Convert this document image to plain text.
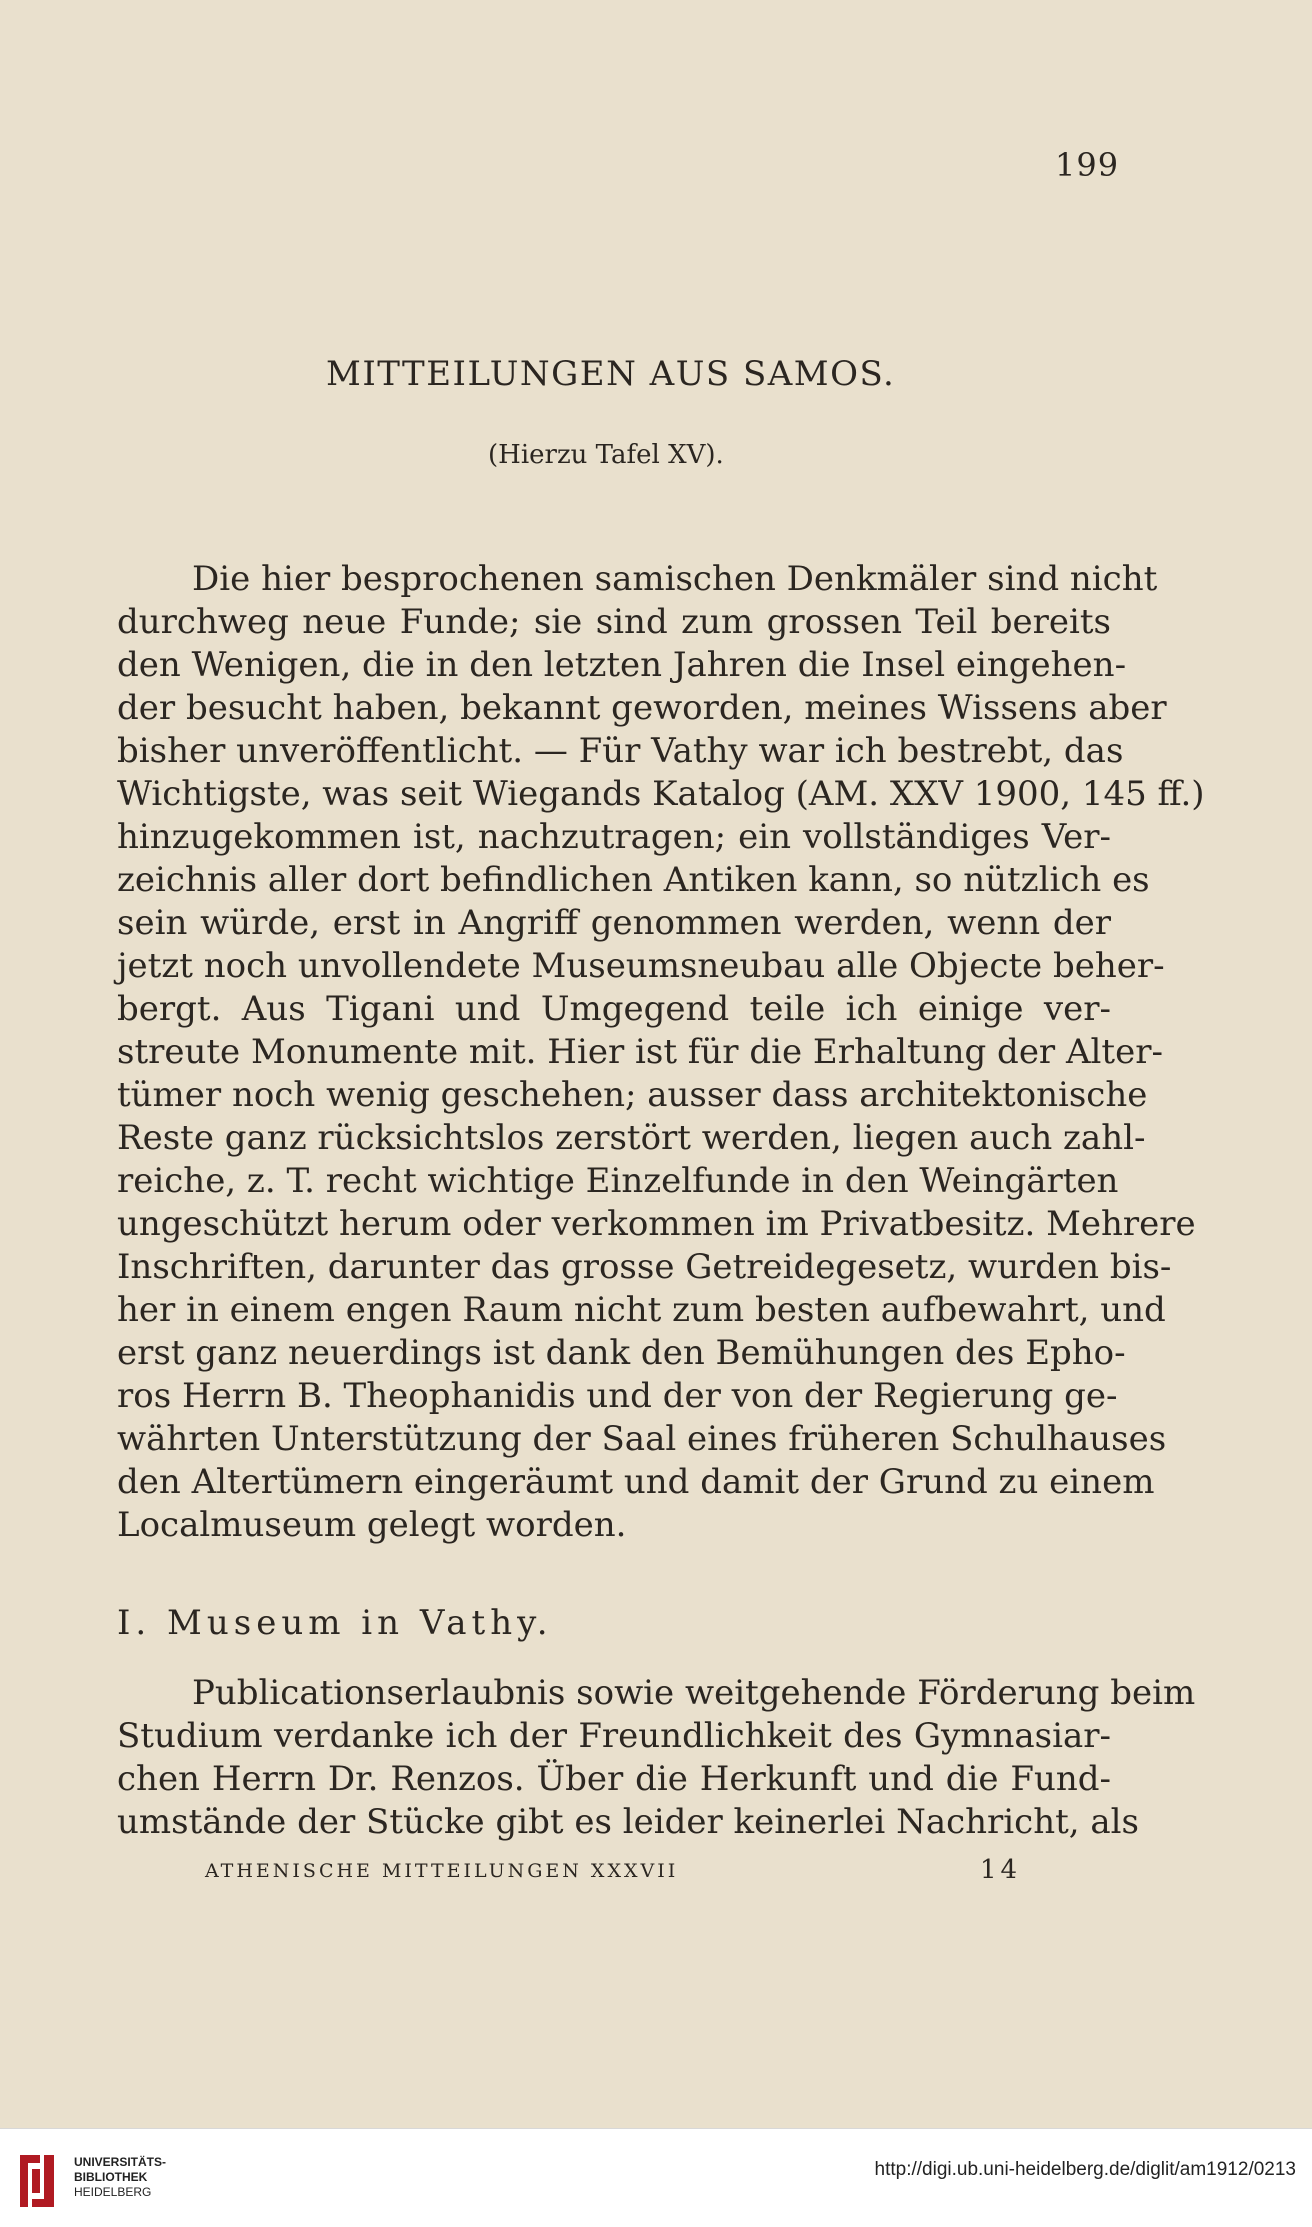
199
MITTEILUNGEN AUS SAMOS.
(Hierzu Tafel XV).
Die hier besprochenen samischen Denkmäler sind nicht
durchweg neue Funde; sie sind zum grossen Teil bereits
den Wenigen, die in den letzten Jahren die Insel eingehen-
der besucht haben, bekannt geworden, meines Wissens aber
bisher unveröffentlicht. — Für Vathy war ich bestrebt, das
Wichtigste, was seit Wiegands Katalog (AM. XXV 1900, 145 ff.)
hinzugekommen ist, nachzutragen; ein vollständiges Ver-
zeichnis aller dort befindlichen Antiken kann, so nützlich es
sein würde, erst in Angriff genommen werden, wenn der
jetzt noch unvollendete Museumsneubau alle Objecte beher-
bergt. Aus Tigani und Umgegend teile ich einige ver-
streute Monumente mit. Hier ist für die Erhaltung der Alter-
tümer noch wenig geschehen; ausser dass architektonische
Reste ganz rücksichtslos zerstört werden, liegen auch zahl-
reiche, z. T. recht wichtige Einzelfunde in den Weingärten
ungeschützt herum oder verkommen im Privatbesitz. Mehrere
Inschriften, darunter das grosse Getreidegesetz, wurden bis-
her in einem engen Raum nicht zum besten aufbewahrt, und
erst ganz neuerdings ist dank den Bemühungen des Epho-
ros Herrn B. Theophanidis und der von der Regierung ge-
währten Unterstützung der Saal eines früheren Schulhauses
den Altertümern eingeräumt und damit der Grund zu einem
Localmuseum gelegt worden.
I. Museum in Vathy.
Publicationserlaubnis sowie weitgehende Förderung beim
Studium verdanke ich der Freundlichkeit des Gymnasiar-
chen Herrn Dr. Renzos. Über die Herkunft und die Fund-
umstände der Stücke gibt es leider keinerlei Nachricht, als
ATHENISCHE MITTEILUNGEN XXXVII	14
UNIVERSITÄTS-
BIBLIOTHEK
HEIDELBERG
http://digi.ub.uni-heidelberg.de/diglit/am1912/0213
